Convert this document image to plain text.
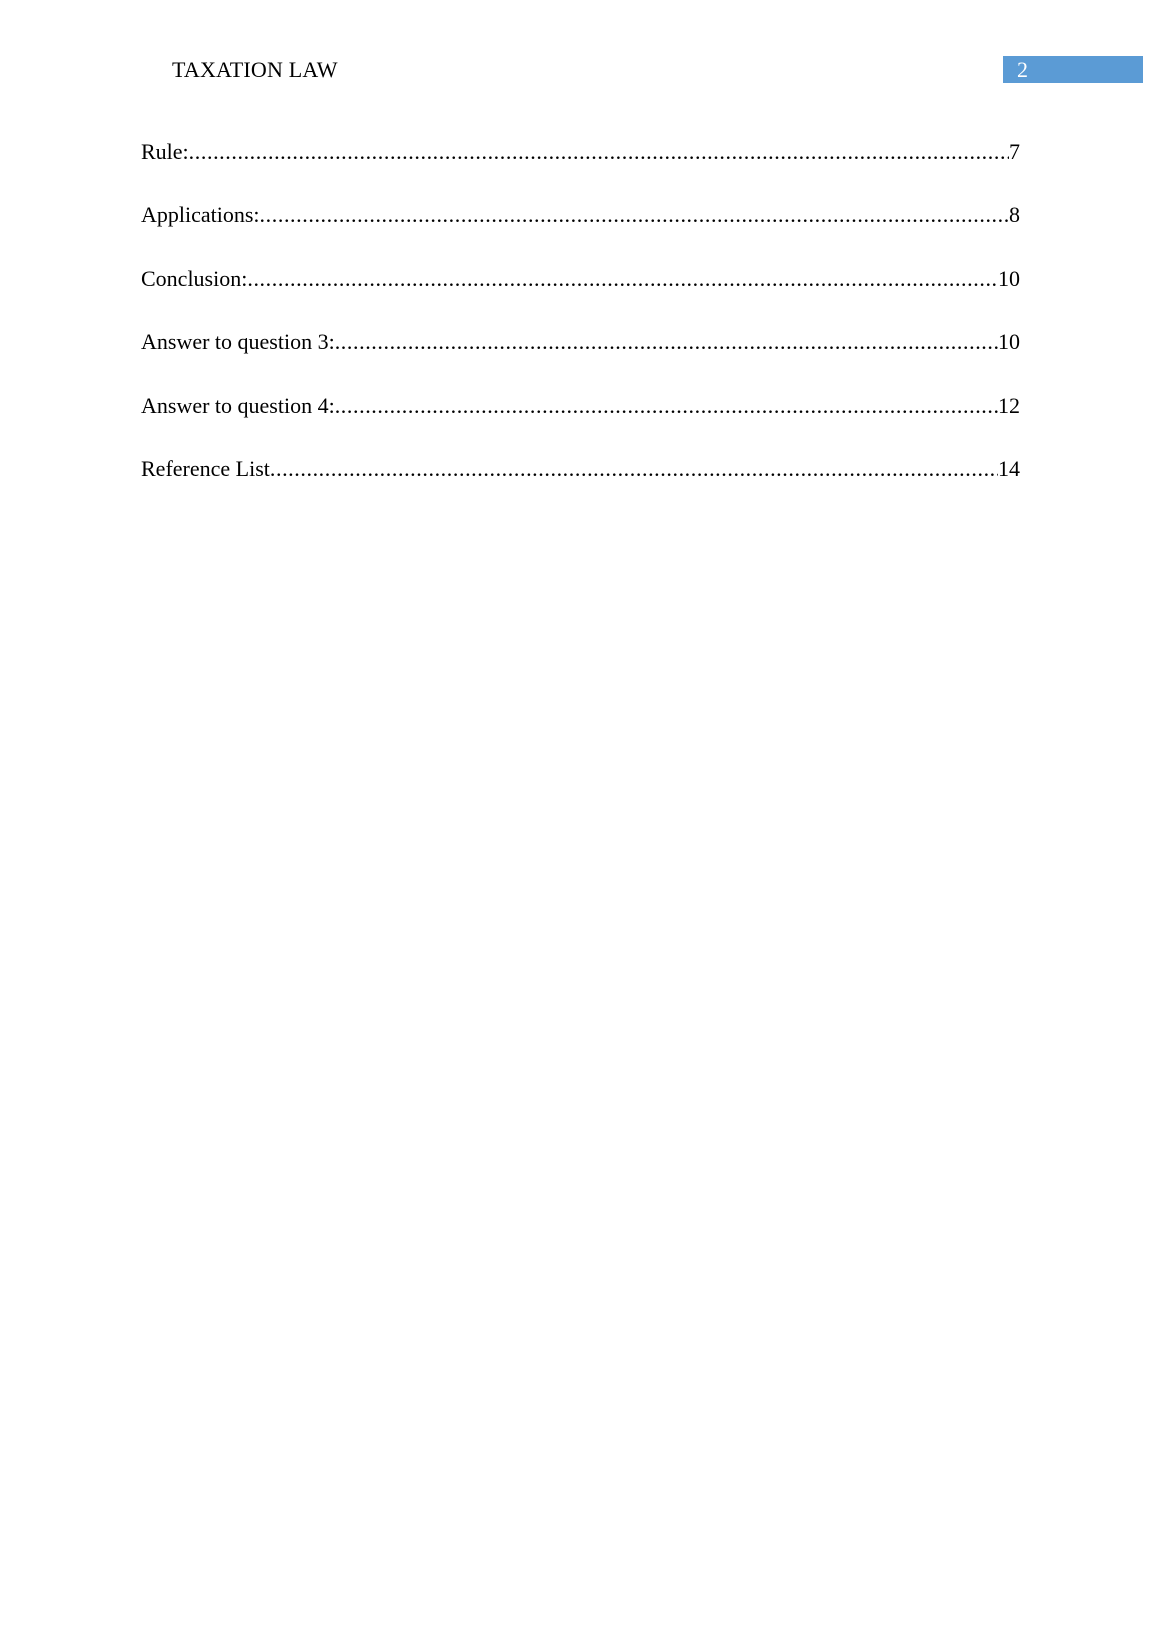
TAXATION LAW	2
Rule: .....	7
Applications: .....	8
Conclusion: .....	10
Answer to question 3: .....	10
Answer to question 4: .....	12
Reference List .....	14
